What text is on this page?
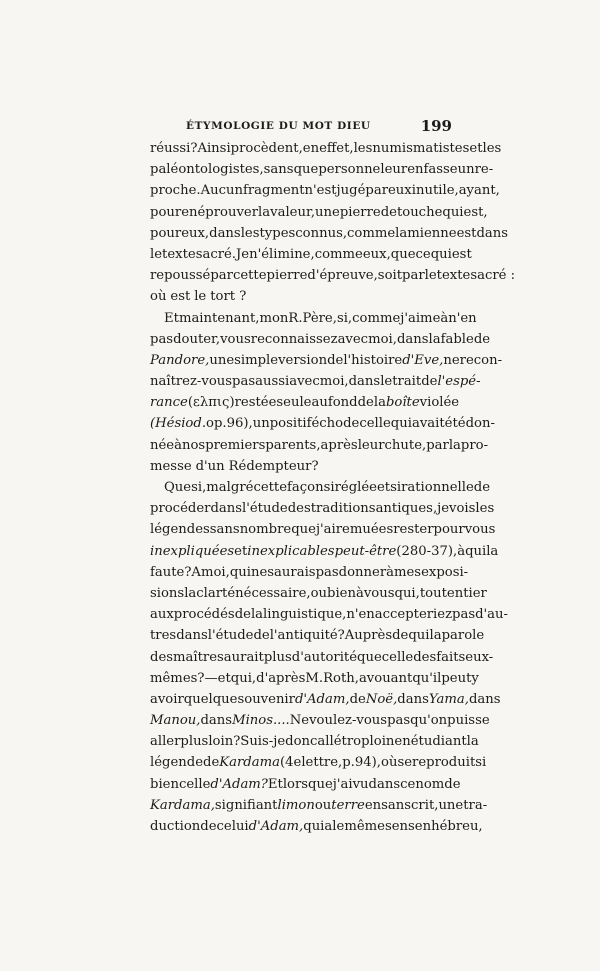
ÉTYMOLOGIE DU MOT DIEU	199
réussi? Ainsi procèdent, en effet, les numismatistes et les
paléontologistes, sans que personne leur en fasse un re-
proche. Aucun fragment n'est jugé par eux inutile, ayant,
pour en éprouver la valeur, une pierre de touche qui est,
pour eux, dans les types connus, comme la mienne est dans
le texte sacré. Je n'élimine, comme eux, que ce qui est
repoussé par cette pierre d'épreuve, soit par le texte sacré :
où est le tort ?
Et maintenant, mon R. Père, si, comme j'aime à n'en
pas douter, vous reconnaissez avec moi, dans la fable de
Pandore, une simple version de l'histoire d'Eve, ne recon-
naîtrez-vous pas aussi avec moi, dans le trait de l'espé-
rance ( ελπις ) restée seule au fond de la boîte violée
(Hésiod. op. 96), un positif écho de celle qui avait été don-
née à nos premiers parents, après leur chute, par la pro-
messe d'un Rédempteur?
Que si, malgré cette façon si réglée et si rationnelle de
procéder dans l'étude des traditions antiques, je vois les
légendes sans nombre que j'ai remuées rester pour vous
inexpliquées et inexplicables peut-être (280-37), à qui la
faute? A moi, qui ne saurais pas donner à mes exposi-
sions la clarté nécessaire, ou bien à vous qui, tout entier
aux procédés de la linguistique, n'en accepteriez pas d'au-
tres dans l'étude de l'antiquité? Auprès de qui la parole
des maîtres aurait plus d'autorité que celle des faits eux-
mêmes? — et qui, d'après M. Roth, avouant qu'il peut y
avoir quelque souvenir d'Adam, de Noë, dans Yama, dans
Manou, dans Minos.... Ne voulez-vous pas qu'on puisse
aller plus loin? Suis-je donc allé trop loin en étudiant la
légende de Kardama (4e lettre, p. 94), où se reproduit si
bien celle d'Adam? Et lorsque j'ai vu dans ce nom de
Kardama, signifiant limon ou terre en sanscrit, une tra-
duction de celui d'Adam, qui a le même sens en hébreu,
